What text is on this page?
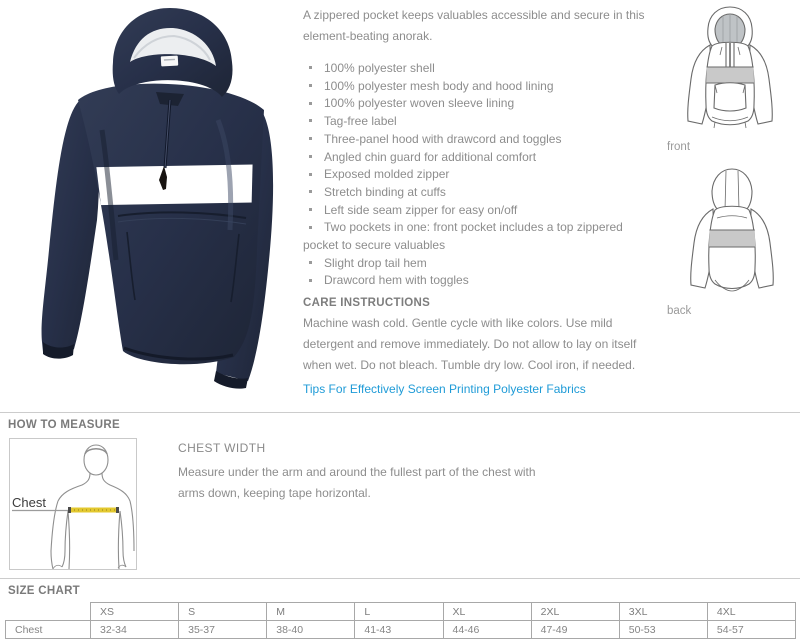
A zippered pocket keeps valuables accessible and secure in this element-beating anorak.

100% polyester shell
100% polyester mesh body and hood lining
100% polyester woven sleeve lining
Tag-free label
Three-panel hood with drawcord and toggles
Angled chin guard for additional comfort
Exposed molded zipper
Stretch binding at cuffs
Left side seam zipper for easy on/off
Two pockets in one: front pocket includes a top zippered pocket to secure valuables
Slight drop tail hem
Drawcord hem with toggles
CARE INSTRUCTIONS

Machine wash cold. Gentle cycle with like colors. Use mild detergent and remove immediately. Do not allow to lay on itself when wet. Do not bleach. Tumble dry low. Cool iron, if needed.

Tips For Effectively Screen Printing Polyester Fabrics
front
back
HOW TO MEASURE
Chest
CHEST WIDTH

Measure under the arm and around the fullest part of the chest with arms down, keeping tape horizontal.

SIZE CHART
	XS	S	M	L	XL	2XL	3XL	4XL
Chest	32-34	35-37	38-40	41-43	44-46	47-49	50-53	54-57
